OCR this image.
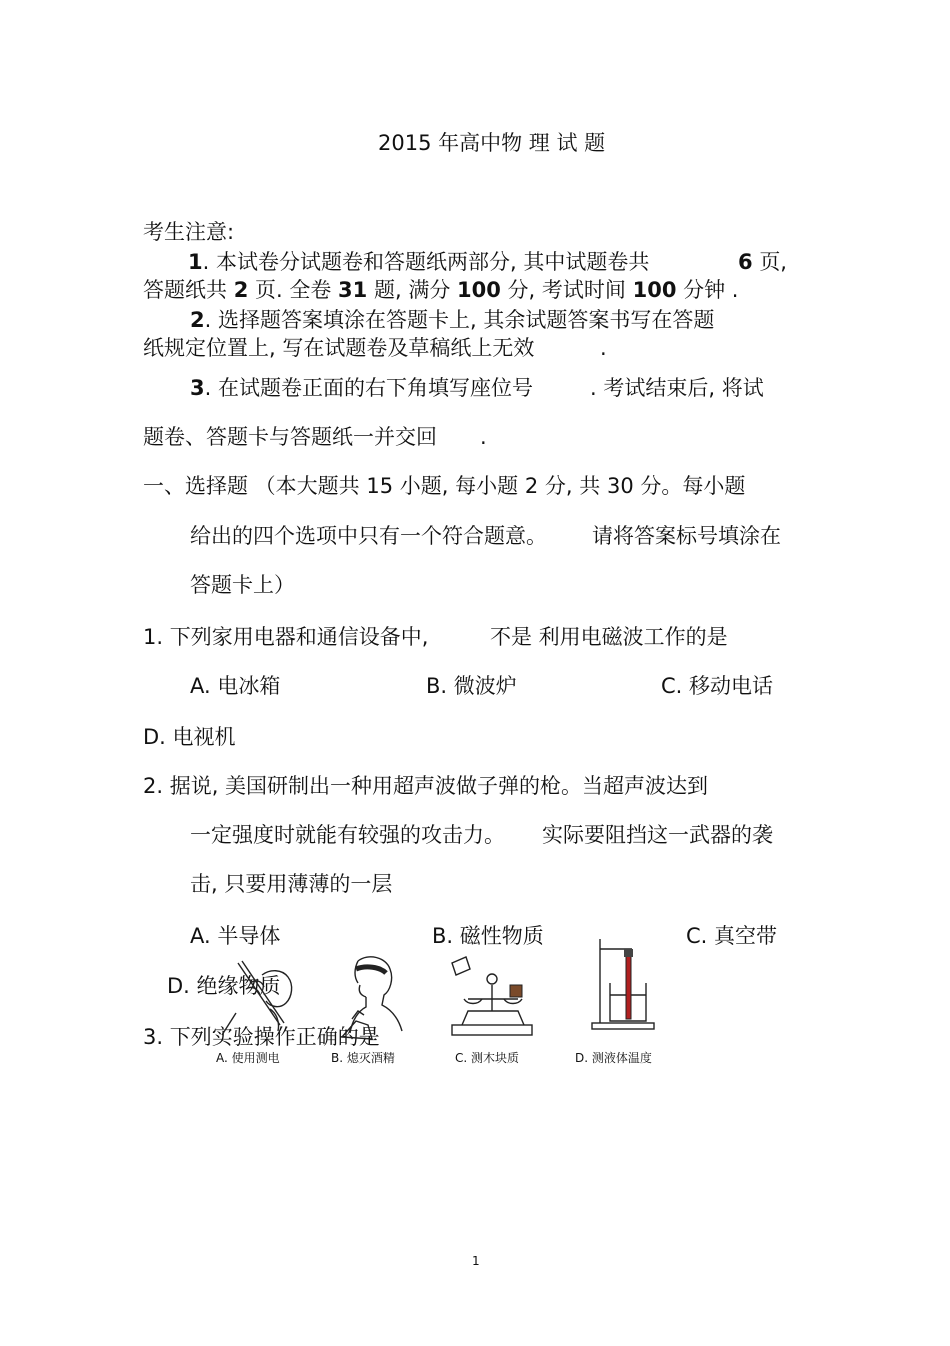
2015 年高中物 理 试 题
考生注意:
1. 本试卷分试题卷和答题纸两部分, 其中试题卷共	6 页,
答题纸共 2 页. 全卷 31 题, 满分 100 分, 考试时间 100 分钟 .
2. 选择题答案填涂在答题卡上, 其余试题答案书写在答题
纸规定位置上, 写在试题卷及草稿纸上无效	.
3. 在试题卷正面的右下角填写座位号	. 考试结束后, 将试
题卷、答题卡与答题纸一并交回 .
一、选择题 （本大题共 15 小题, 每小题 2 分, 共 30 分。每小题
给出的四个选项中只有一个符合题意。 请将答案标号填涂在
答题卡上）
1. 下列家用电器和通信设备中,	不是 利用电磁波工作的是
A. 电冰箱	B. 微波炉	C. 移动电话
D. 电视机
2. 据说, 美国研制出一种用超声波做子弹的枪。当超声波达到
一定强度时就能有较强的攻击力。 实际要阻挡这一武器的袭
击, 只要用薄薄的一层
A. 半导体	B. 磁性物质	C. 真空带
D. 绝缘物质
3. 下列实验操作正确的是
A. 使用测电	B. 熄灭酒精	C. 测木块质	D. 测液体温度
1
